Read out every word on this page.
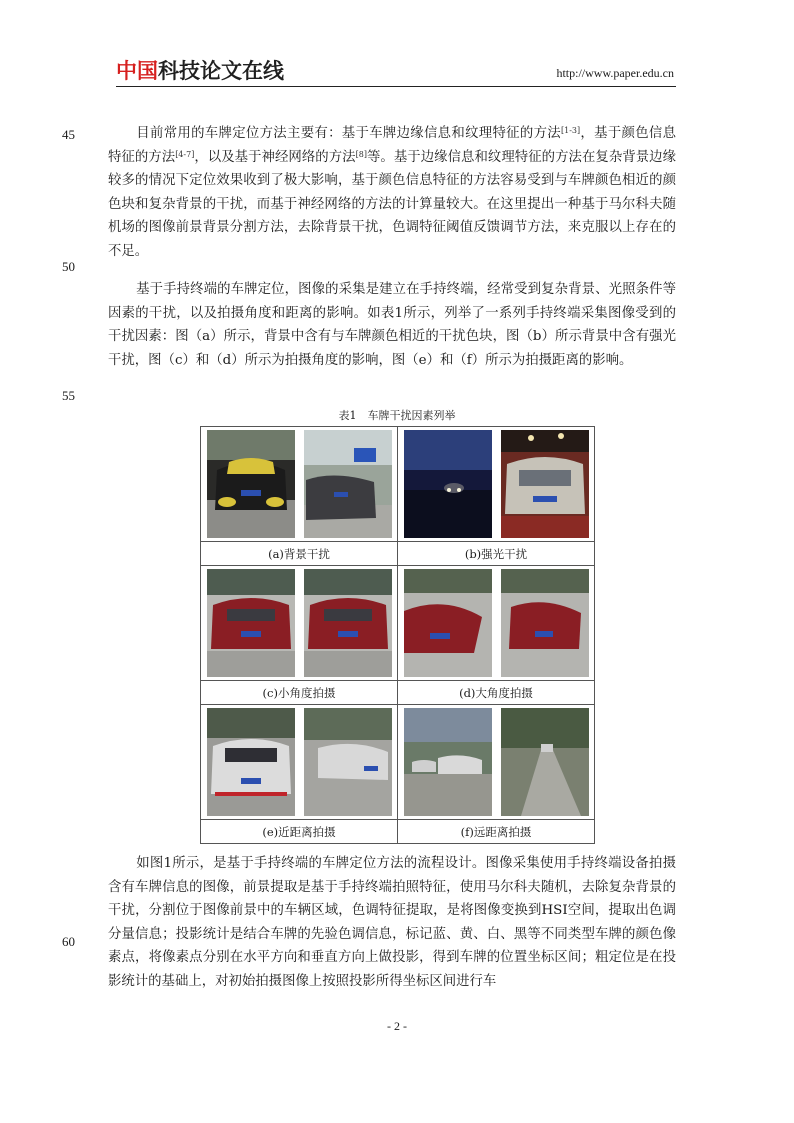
中国科技论文在线	http://www.paper.edu.cn
45
50
55
60
目前常用的车牌定位方法主要有：基于车牌边缘信息和纹理特征的方法[1-3]，基于颜色信息特征的方法[4-7]，以及基于神经网络的方法[8]等。基于边缘信息和纹理特征的方法在复杂背景边缘较多的情况下定位效果收到了极大影响，基于颜色信息特征的方法容易受到与车牌颜色相近的颜色块和复杂背景的干扰，而基于神经网络的方法的计算量较大。在这里提出一种基于马尔科夫随机场的图像前景背景分割方法，去除背景干扰，色调特征阈值反馈调节方法，来克服以上存在的不足。
基于手持终端的车牌定位，图像的采集是建立在手持终端，经常受到复杂背景、光照条件等因素的干扰，以及拍摄角度和距离的影响。如表1所示，列举了一系列手持终端采集图像受到的干扰因素：图（a）所示，背景中含有与车牌颜色相近的干扰色块，图（b）所示背景中含有强光干扰，图（c）和（d）所示为拍摄角度的影响，图（e）和（f）所示为拍摄距离的影响。
表1　车牌干扰因素列举

(a)背景干扰	(b)强光干扰

(c)小角度拍摄	(d)大角度拍摄

(e)近距离拍摄	(f)远距离拍摄
如图1所示，是基于手持终端的车牌定位方法的流程设计。图像采集使用手持终端设备拍摄含有车牌信息的图像，前景提取是基于手持终端拍照特征，使用马尔科夫随机，去除复杂背景的干扰，分割位于图像前景中的车辆区域，色调特征提取，是将图像变换到HSI空间，提取出色调分量信息；投影统计是结合车牌的先验色调信息，标记蓝、黄、白、黑等不同类型车牌的颜色像素点，将像素点分别在水平方向和垂直方向上做投影，得到车牌的位置坐标区间；粗定位是在投影统计的基础上，对初始拍摄图像上按照投影所得坐标区间进行车
- 2 -
